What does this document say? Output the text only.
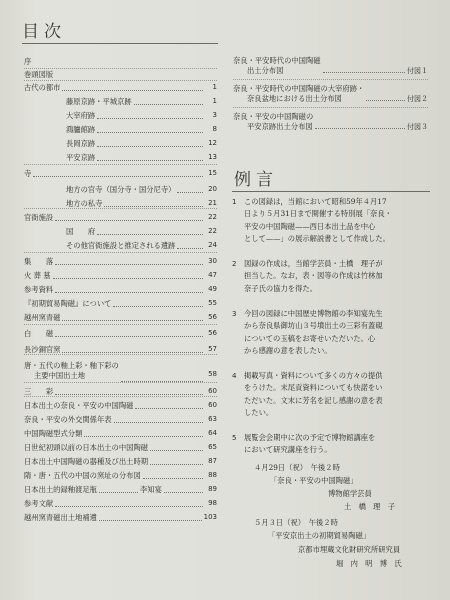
目次
序
巻頭図版
古代の都市	1
藤原京跡・平城京跡	1
大宰府跡	3
鴻臚館跡	8
長岡京跡	12
平安京跡	13
寺	15
地方の官寺（国分寺・国分尼寺）	20
地方の私寺	21
官衙施設	22
国　　府	22
その他官衙施設と推定される遺跡	24
集　　落	30
火 葬 墓	47
参考資料	49
『初期貿易陶磁』について	55
越州窯青磁	56
白　　磁	56
長沙銅官窯	57
唐・五代の釉上彩・釉下彩の
主要中国出土地	58
三　　彩	60
日本出土の奈良・平安の中国陶磁	60
奈良・平安の外交関係年表	63
中国陶磁型式分類	64
日世紀初頭以前の日本出土の中国陶磁	65
日本出土中国陶磁の器種及び出土時期	87
隋・唐・五代の中国の窯址の分布図	88
日本出土的録釉渡足瓶	李知宴	89
参考文献	98
越州窯青磁出土地補遺	103
奈良・平安時代の中国陶磁
出土分布図	付図１
奈良・平安時代の中国陶磁の大宰府跡・
奈良盆地における出土分布図	付図２
奈良・平安の中国陶磁の
平安京跡出土分布図	付図３
例言
1	この図録は，当館において昭和59年４月17
日より５月31日まで開催する特別展「奈良・
平安の中国陶磁——西日本出土品を中心
として——」の展示解説書として作成した。
2	図録の作成は，当館学芸員・土橋　理子が
担当した。なお，表・図等の作成は竹林加
奈子氏の協力を得た。
3	今回の図録に中国歴史博物館の李知宴先生
から奈良県御坊山３号墳出土の三彩有蓋硯
についての玉稿をお寄せいただいた。心
から感謝の意を表したい。
4	掲載写真・資料について多くの方々の提供
をうけた。末尾貢資料についても快諾をい
ただいた。文末に芳名を記し感謝の意を表
したい。
5	展覧会会期中に次の予定で博物館講座を
において研究講座を行う。
４月29日（祝）　午後２時
「奈良・平安の中国陶磁」
博物館学芸員
土　橋　理　子
５月３日（祝）　午後２時
「平安京出土の初期貿易陶磁」
京都市埋蔵文化財研究所研究員
堀　内　明　博　氏
